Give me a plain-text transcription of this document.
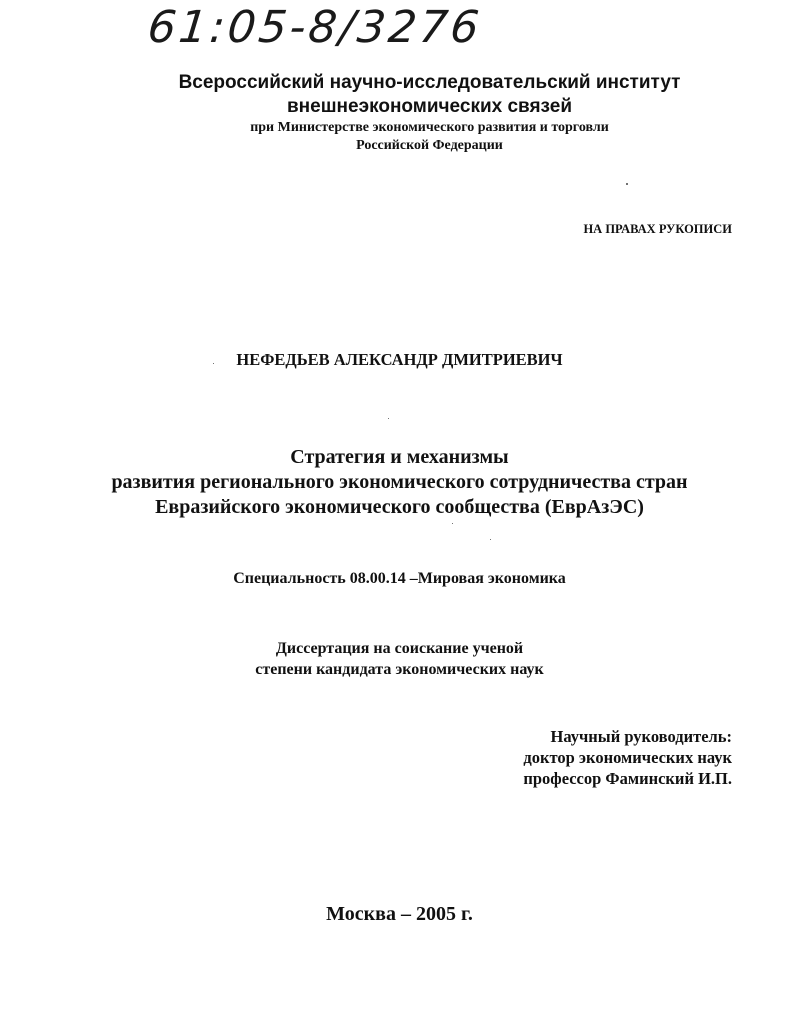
61:05-8/3276
Всероссийский научно-исследовательский институт
внешнеэкономических связей
при Министерстве экономического развития и торговли
Российской Федерации
НА ПРАВАХ РУКОПИСИ
НЕФЕДЬЕВ АЛЕКСАНДР ДМИТРИЕВИЧ
Стратегия и механизмы
развития регионального экономического сотрудничества стран
Евразийского экономического сообщества (ЕврАзЭС)
Специальность 08.00.14 –Мировая экономика
Диссертация на соискание ученой
степени кандидата экономических наук
Научный руководитель:
доктор экономических наук
профессор Фаминский И.П.
Москва – 2005 г.
